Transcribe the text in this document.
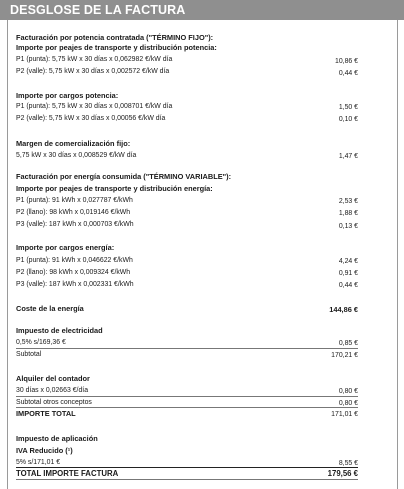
DESGLOSE DE LA FACTURA
Facturación por potencia contratada ("TÉRMINO FIJO"):
Importe por peajes de transporte y distribución potencia:
P1 (punta): 5,75 kW x 30 días x 0,062982 €/kW día	10,86 €
P2 (valle): 5,75 kW x 30 días x 0,002572 €/kW día	0,44 €
Importe por cargos potencia:
P1 (punta): 5,75 kW x 30 días x 0,008701 €/kW día	1,50 €
P2 (valle): 5,75 kW x 30 días x 0,00056 €/kW día	0,10 €
Margen de comercialización fijo:
5,75 kW x 30 días x 0,008529 €/kW día	1,47 €
Facturación por energía consumida ("TÉRMINO VARIABLE"):
Importe por peajes de transporte y distribución energía:
P1 (punta): 91 kWh x 0,027787 €/kWh	2,53 €
P2 (llano): 98 kWh x 0,019146 €/kWh	1,88 €
P3 (valle): 187 kWh x 0,000703 €/kWh	0,13 €
Importe por cargos energía:
P1 (punta): 91 kWh x 0,046622 €/kWh	4,24 €
P2 (llano): 98 kWh x 0,009324 €/kWh	0,91 €
P3 (valle): 187 kWh x 0,002331 €/kWh	0,44 €
Coste de la energía	144,86 €
Impuesto de electricidad
0,5% s/169,36 €	0,85 €
Subtotal	170,21 €
Alquiler del contador
30 días x 0,02663 €/día	0,80 €
Subtotal otros conceptos	0,80 €
IMPORTE TOTAL	171,01 €
Impuesto de aplicación
IVA Reducido (¹)
5% s/171,01 €	8,55 €
TOTAL IMPORTE FACTURA	179,56 €
